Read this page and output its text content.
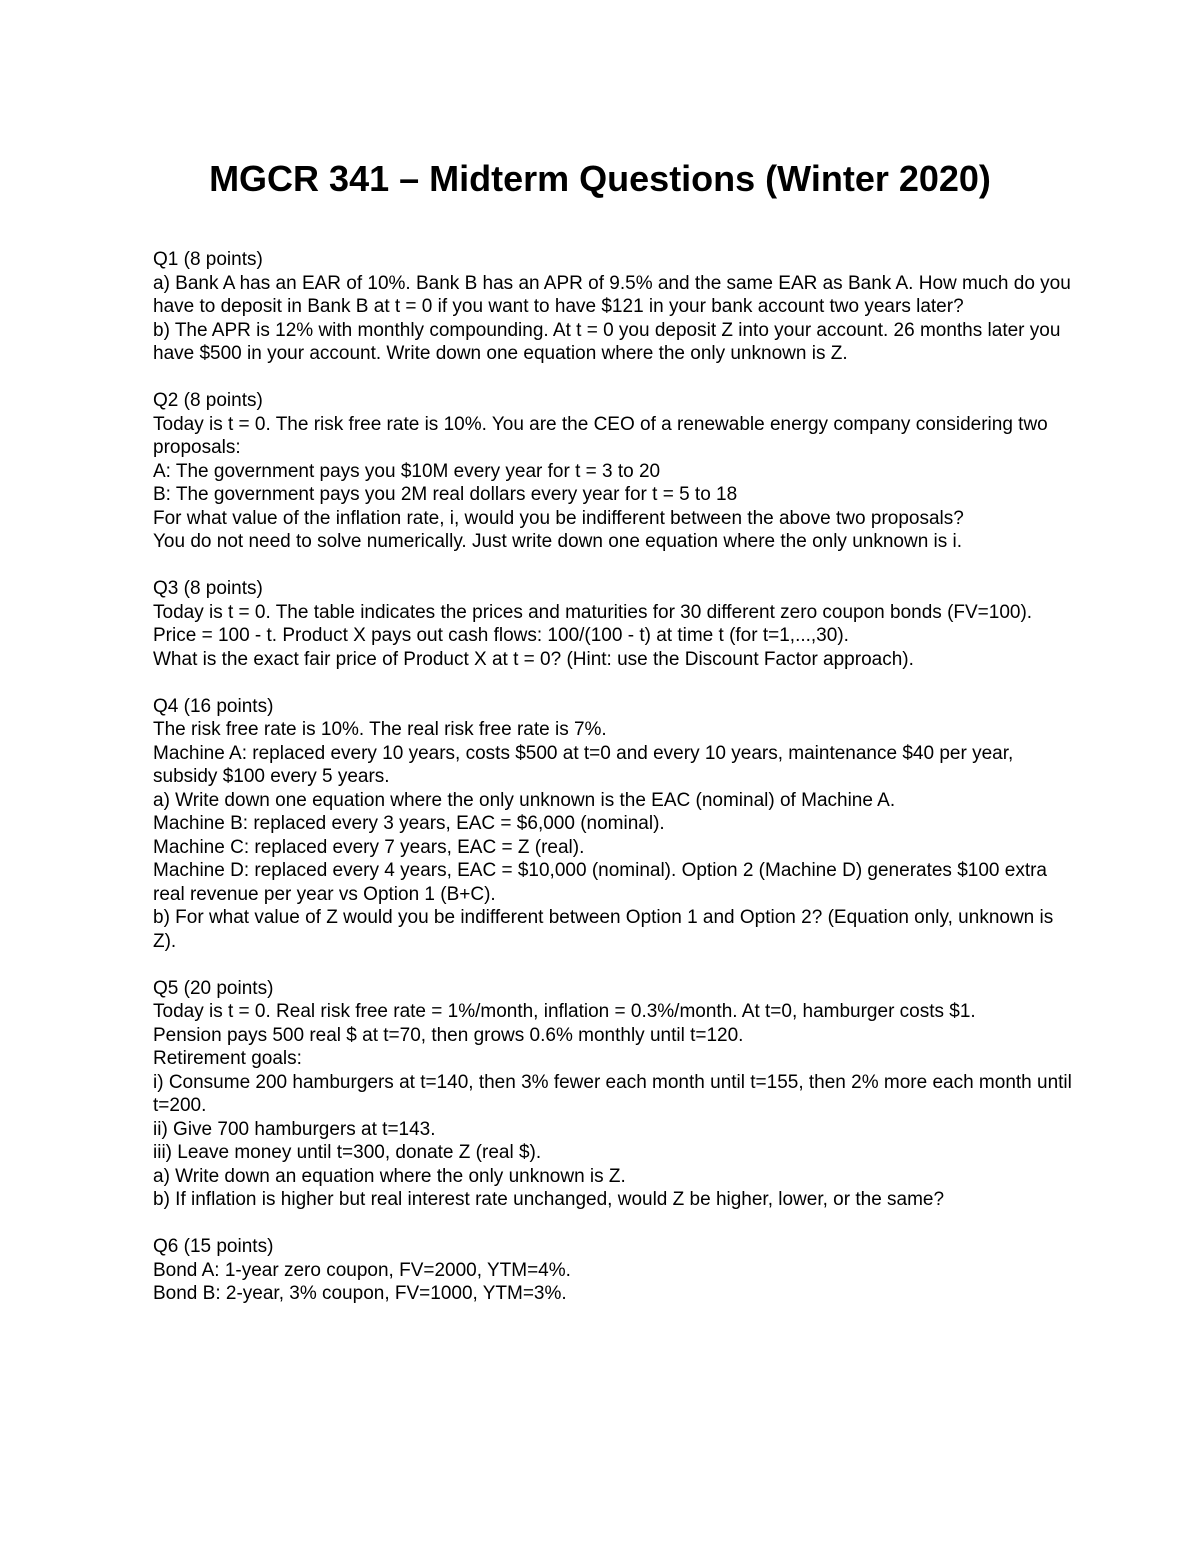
MGCR 341 – Midterm Questions (Winter 2020)
Q1 (8 points)
a) Bank A has an EAR of 10%. Bank B has an APR of 9.5% and the same EAR as Bank A. How much do you have to deposit in Bank B at t = 0 if you want to have $121 in your bank account two years later?
b) The APR is 12% with monthly compounding. At t = 0 you deposit Z into your account. 26 months later you have $500 in your account. Write down one equation where the only unknown is Z.
Q2 (8 points)
Today is t = 0. The risk free rate is 10%. You are the CEO of a renewable energy company considering two proposals:
A: The government pays you $10M every year for t = 3 to 20
B: The government pays you 2M real dollars every year for t = 5 to 18
For what value of the inflation rate, i, would you be indifferent between the above two proposals?
You do not need to solve numerically. Just write down one equation where the only unknown is i.
Q3 (8 points)
Today is t = 0. The table indicates the prices and maturities for 30 different zero coupon bonds (FV=100).
Price = 100 - t. Product X pays out cash flows: 100/(100 - t) at time t (for t=1,...,30).
What is the exact fair price of Product X at t = 0? (Hint: use the Discount Factor approach).
Q4 (16 points)
The risk free rate is 10%. The real risk free rate is 7%.
Machine A: replaced every 10 years, costs $500 at t=0 and every 10 years, maintenance $40 per year, subsidy $100 every 5 years.
a) Write down one equation where the only unknown is the EAC (nominal) of Machine A.
Machine B: replaced every 3 years, EAC = $6,000 (nominal).
Machine C: replaced every 7 years, EAC = Z (real).
Machine D: replaced every 4 years, EAC = $10,000 (nominal). Option 2 (Machine D) generates $100 extra real revenue per year vs Option 1 (B+C).
b) For what value of Z would you be indifferent between Option 1 and Option 2? (Equation only, unknown is Z).
Q5 (20 points)
Today is t = 0. Real risk free rate = 1%/month, inflation = 0.3%/month. At t=0, hamburger costs $1.
Pension pays 500 real $ at t=70, then grows 0.6% monthly until t=120.
Retirement goals:
i) Consume 200 hamburgers at t=140, then 3% fewer each month until t=155, then 2% more each month until t=200.
ii) Give 700 hamburgers at t=143.
iii) Leave money until t=300, donate Z (real $).
a) Write down an equation where the only unknown is Z.
b) If inflation is higher but real interest rate unchanged, would Z be higher, lower, or the same?
Q6 (15 points)
Bond A: 1-year zero coupon, FV=2000, YTM=4%.
Bond B: 2-year, 3% coupon, FV=1000, YTM=3%.
